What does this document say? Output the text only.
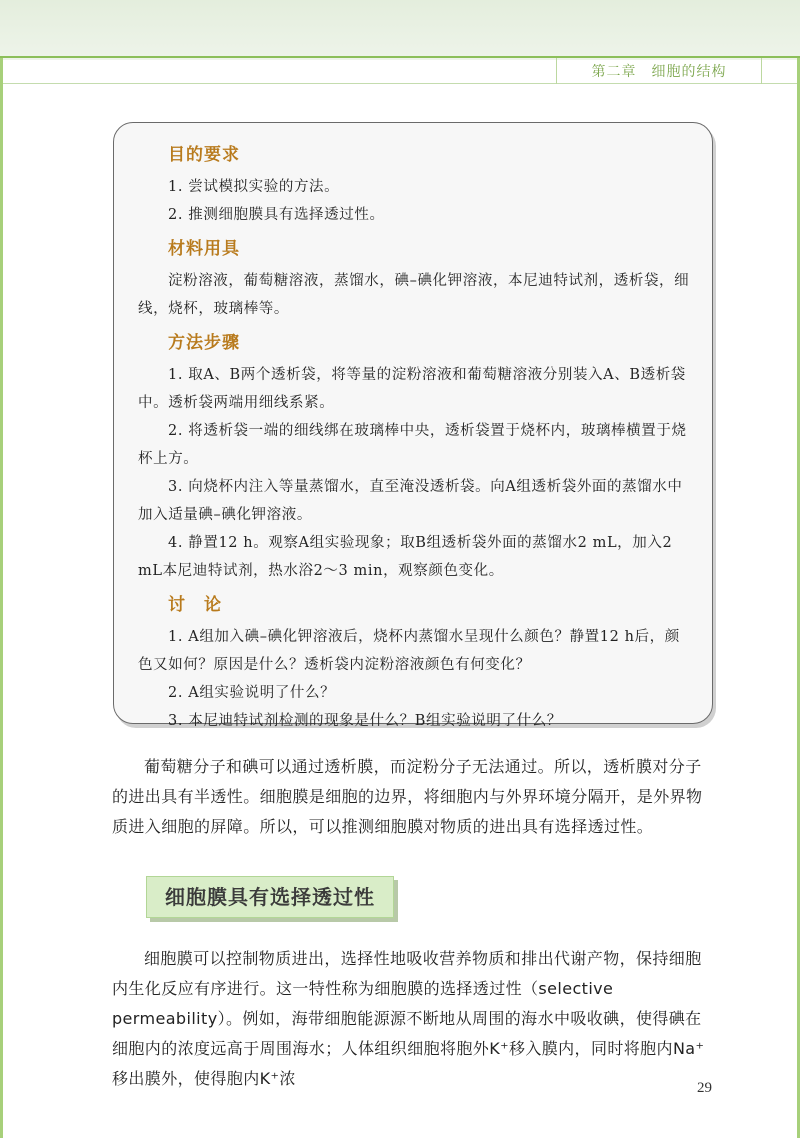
第二章　细胞的结构
目的要求

1. 尝试模拟实验的方法。

2. 推测细胞膜具有选择透过性。

材料用具

淀粉溶液，葡萄糖溶液，蒸馏水，碘–碘化钾溶液，本尼迪特试剂，透析袋，细线，烧杯，玻璃棒等。

方法步骤

1. 取A、B两个透析袋，将等量的淀粉溶液和葡萄糖溶液分别装入A、B透析袋中。透析袋两端用细线系紧。

2. 将透析袋一端的细线绑在玻璃棒中央，透析袋置于烧杯内，玻璃棒横置于烧杯上方。

3. 向烧杯内注入等量蒸馏水，直至淹没透析袋。向A组透析袋外面的蒸馏水中加入适量碘–碘化钾溶液。

4. 静置12 h。观察A组实验现象；取B组透析袋外面的蒸馏水2 mL，加入2 mL本尼迪特试剂，热水浴2～3 min，观察颜色变化。

讨　论

1. A组加入碘–碘化钾溶液后，烧杯内蒸馏水呈现什么颜色？静置12 h后，颜色又如何？原因是什么？透析袋内淀粉溶液颜色有何变化？

2. A组实验说明了什么？

3. 本尼迪特试剂检测的现象是什么？B组实验说明了什么？

葡萄糖分子和碘可以通过透析膜，而淀粉分子无法通过。所以，透析膜对分子的进出具有半透性。细胞膜是细胞的边界，将细胞内与外界环境分隔开，是外界物质进入细胞的屏障。所以，可以推测细胞膜对物质的进出具有选择透过性。

细胞膜具有选择透过性

细胞膜可以控制物质进出，选择性地吸收营养物质和排出代谢产物，保持细胞内生化反应有序进行。这一特性称为细胞膜的选择透过性（selective permeability）。例如，海带细胞能源源不断地从周围的海水中吸收碘，使得碘在细胞内的浓度远高于周围海水；人体组织细胞将胞外K⁺移入膜内，同时将胞内Na⁺移出膜外，使得胞内K⁺浓	29
